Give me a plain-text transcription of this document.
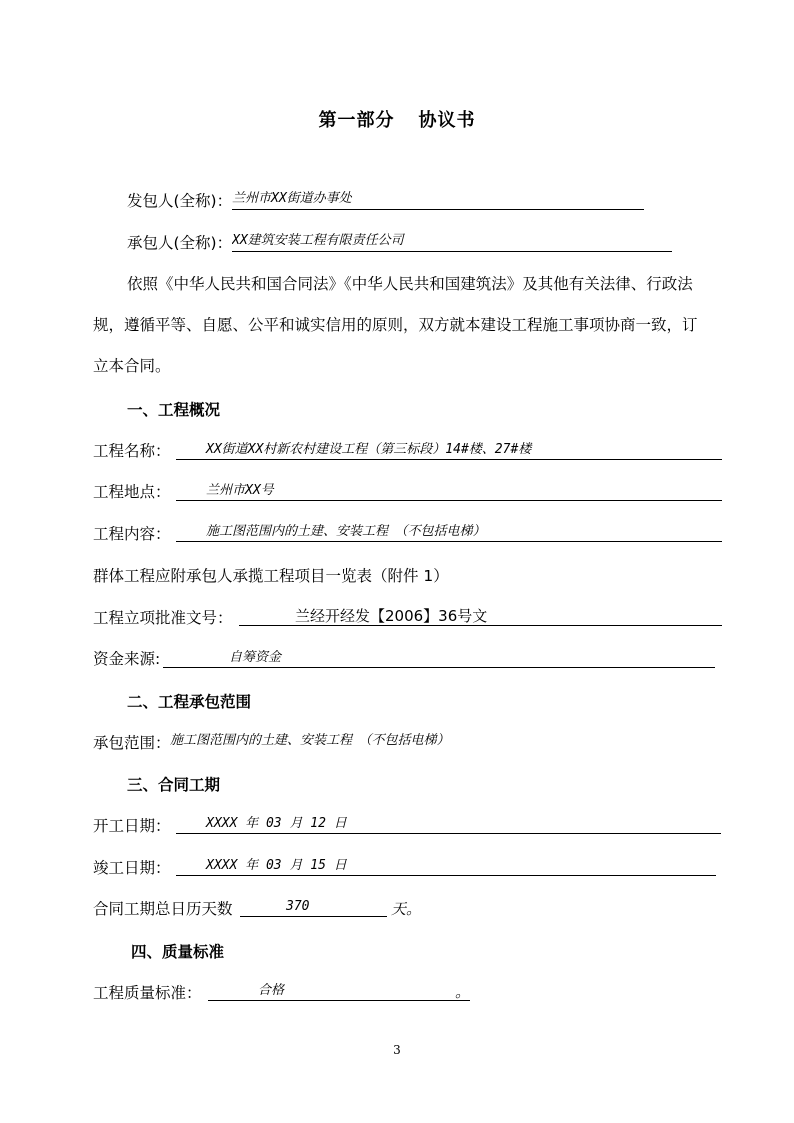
第一部分 协议书
发包人(全称)： 兰州市XX街道办事处
承包人(全称)： XX建筑安装工程有限责任公司
依照《中华人民共和国合同法》《中华人民共和国建筑法》及其他有关法律、行政法
规，遵循平等、自愿、公平和诚实信用的原则，双方就本建设工程施工事项协商一致，订
立本合同。
一、工程概况
工程名称：	XX街道XX村新农村建设工程（第三标段）14#楼、27#楼
工程地点：	兰州市XX号
工程内容：	施工图范围内的土建、安装工程　（不包括电梯）
群体工程应附承包人承揽工程项目一览表（附件 1）
工程立项批准文号：	兰经开经发【2006】36号文
资金来源:	自筹资金
二、工程承包范围
承包范围： 施工图范围内的土建、安装工程　（不包括电梯）
三、合同工期
开工日期：	XXXX 年 03 月 12 日
竣工日期：	XXXX 年 03 月 15 日
合同工期总日历天数	370	天。
四、质量标准
工程质量标准：	合格	。
3
